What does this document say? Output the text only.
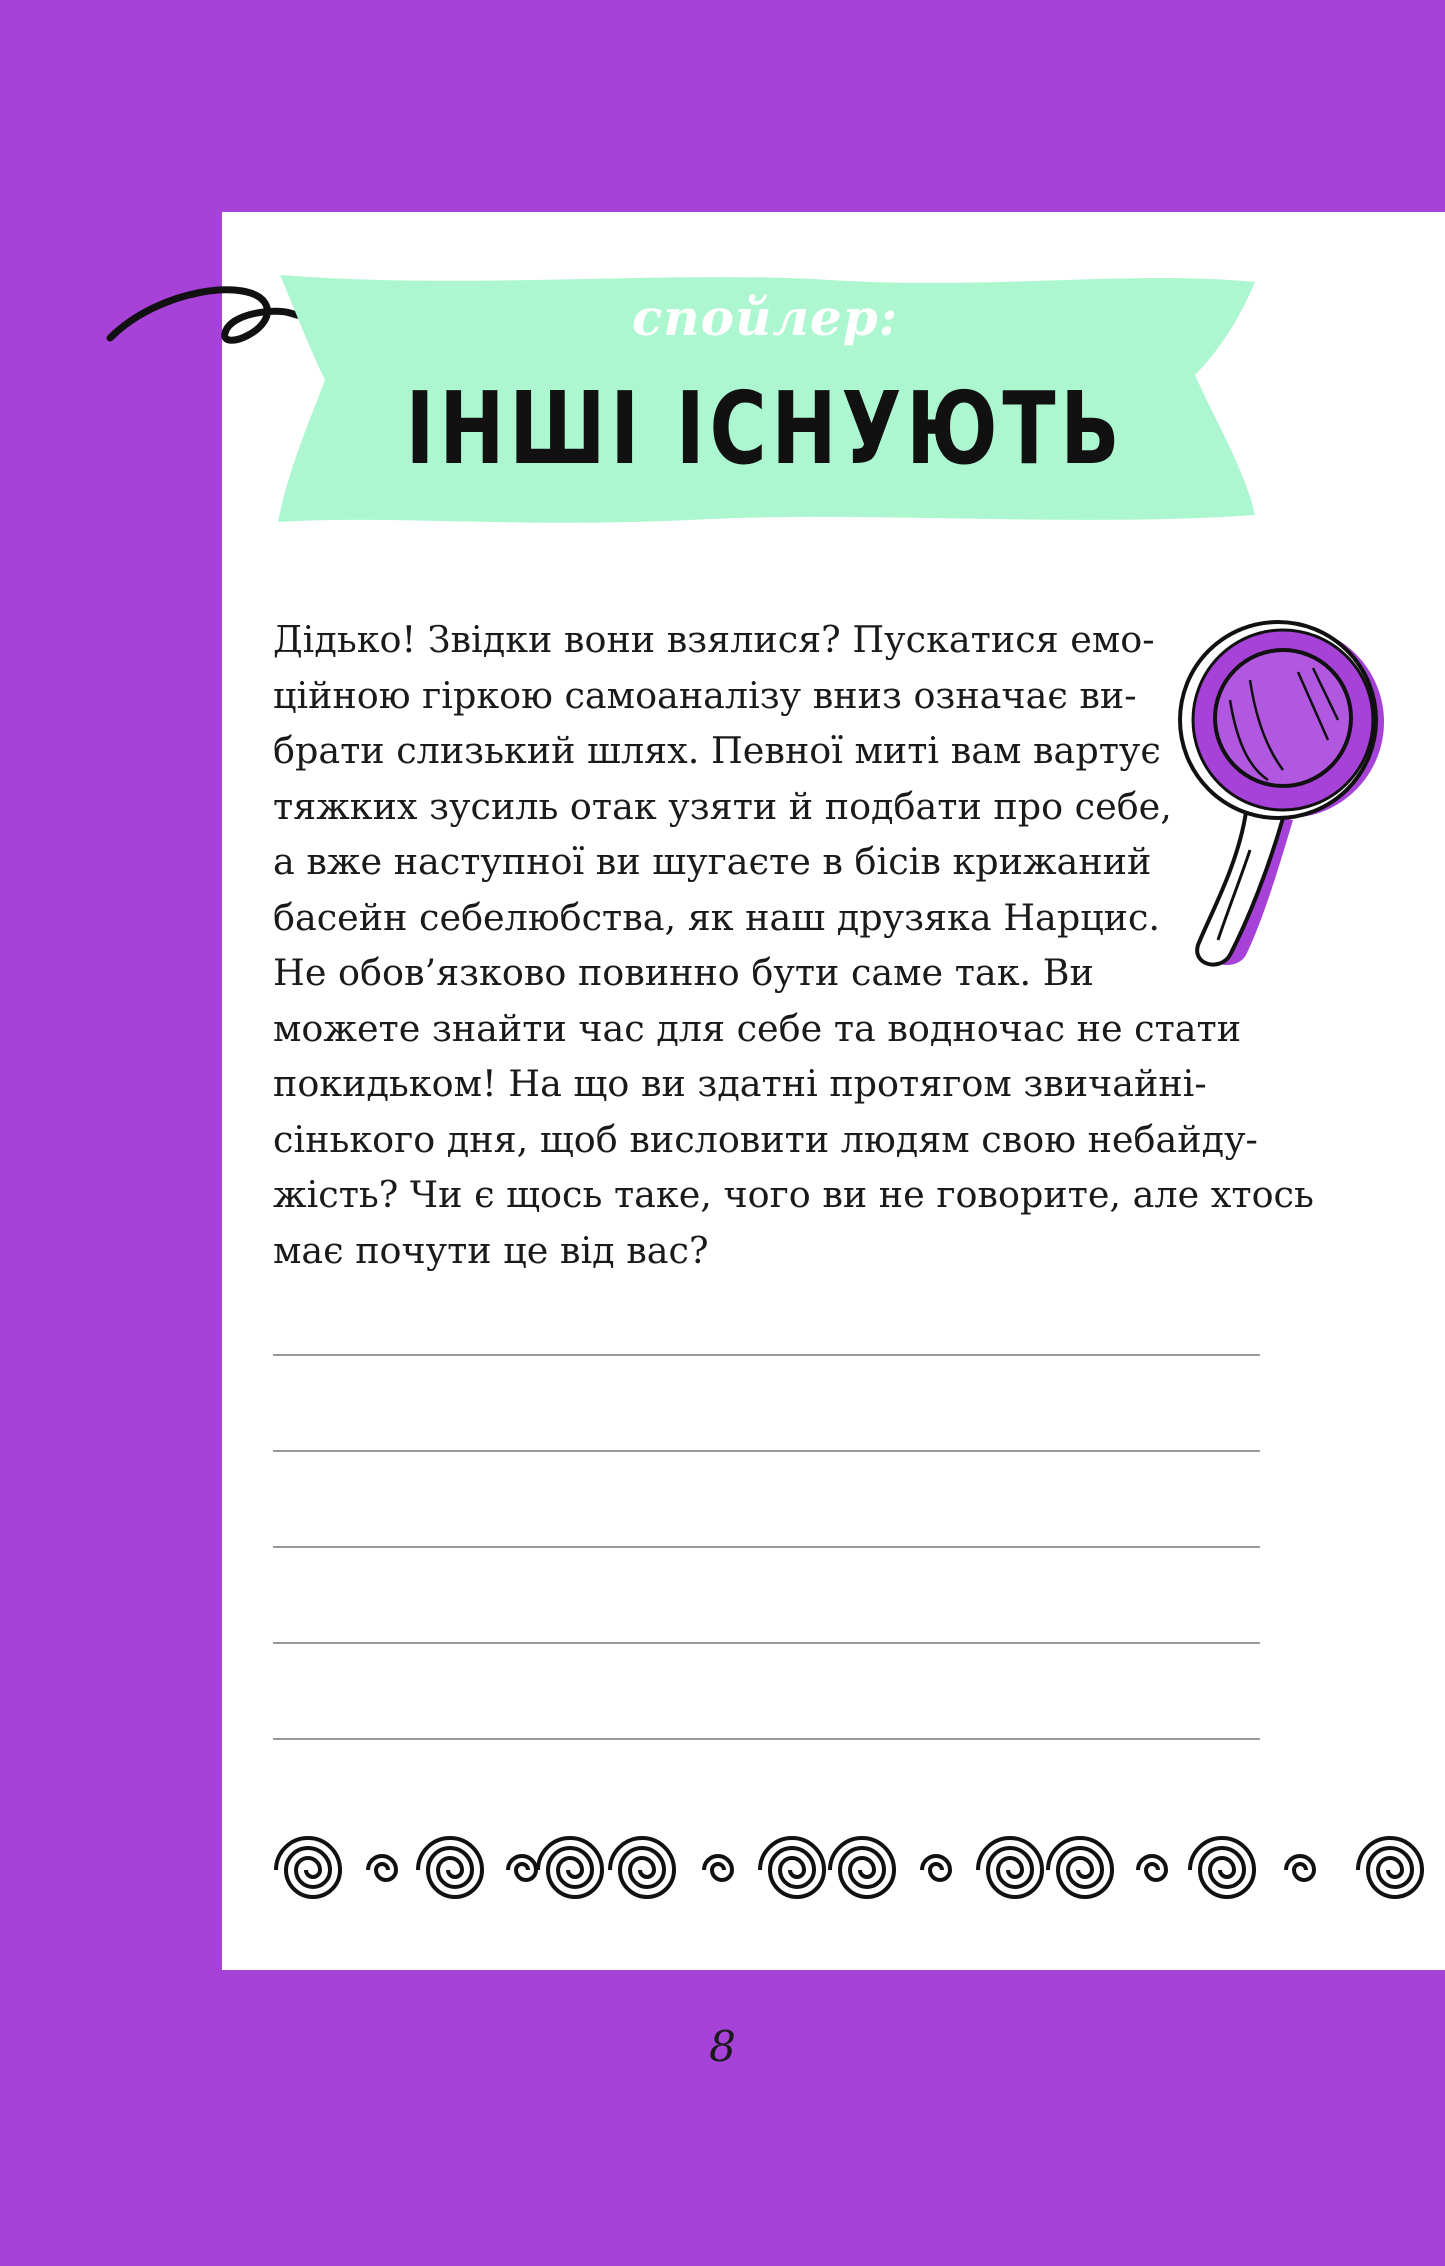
спойлер:
ІНШІ ІСНУЮТЬ
Дідько! Звідки вони взялися? Пускатися емо-
ційною гіркою самоаналізу вниз означає ви-
брати слизький шлях. Певної миті вам вартує
тяжких зусиль отак узяти й подбати про себе,
а вже наступної ви шугаєте в бісів крижаний
басейн себелюбства, як наш друзяка Нарцис.
Не обов’язково повинно бути саме так. Ви
можете знайти час для себе та водночас не стати
покидьком! На що ви здатні протягом звичайні-
сінького дня, щоб висловити людям свою небайду-
жість? Чи є щось таке, чого ви не говорите, але хтось
має почути це від вас?
8
